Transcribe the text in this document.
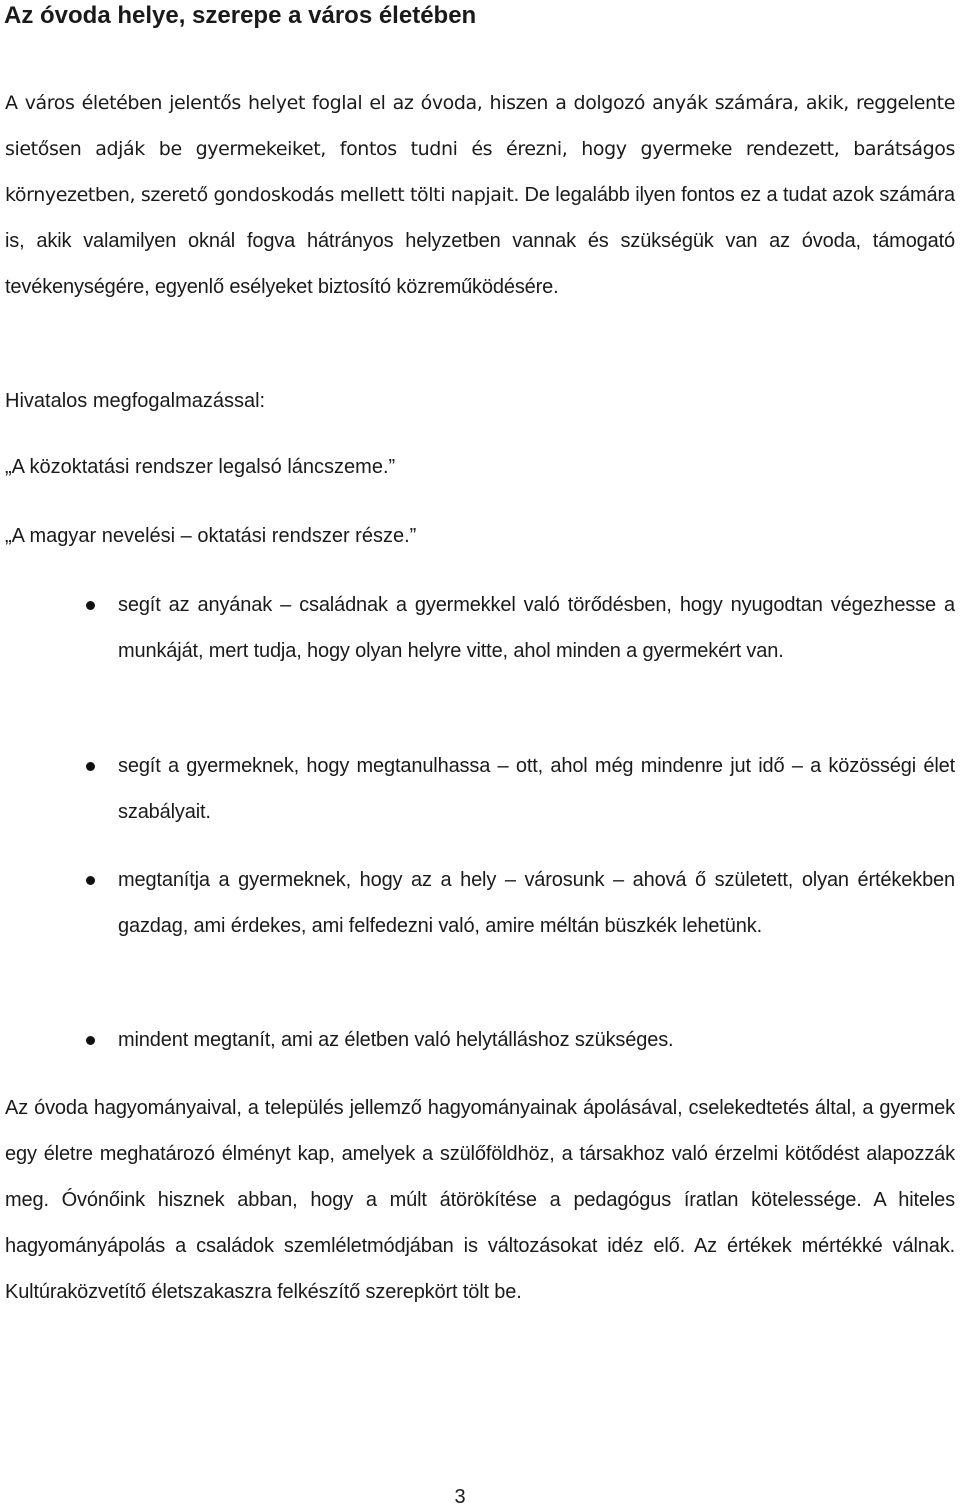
Az óvoda helye, szerepe a város életében

A város életében jelentős helyet foglal el az óvoda, hiszen a dolgozó anyák számára, akik, reggelente sietősen adják be gyermekeiket, fontos tudni és érezni, hogy gyermeke rendezett, barátságos környezetben, szerető gondoskodás mellett tölti napjait. De legalább ilyen fontos ez a tudat azok számára is, akik valamilyen oknál fogva hátrányos helyzetben vannak és szükségük van az óvoda, támogató tevékenységére, egyenlő esélyeket biztosító közreműködésére.

Hivatalos megfogalmazással:

„A közoktatási rendszer legalsó láncszeme.”

„A magyar nevelési – oktatási rendszer része.”

segít az anyának – családnak a gyermekkel való törődésben, hogy nyugodtan végezhesse a munkáját, mert tudja, hogy olyan helyre vitte, ahol minden a gyermekért van.

segít a gyermeknek, hogy megtanulhassa – ott, ahol még mindenre jut idő – a közösségi élet szabályait.

megtanítja a gyermeknek, hogy az a hely – városunk – ahová ő született, olyan értékekben gazdag, ami érdekes, ami felfedezni való, amire méltán büszkék lehetünk.

mindent megtanít, ami az életben való helytálláshoz szükséges.

Az óvoda hagyományaival, a település jellemző hagyományainak ápolásával, cselekedtetés által, a gyermek egy életre meghatározó élményt kap, amelyek a szülőföldhöz, a társakhoz való érzelmi kötődést alapozzák meg. Óvónőink hisznek abban, hogy a múlt átörökítése a pedagógus íratlan kötelessége. A hiteles hagyományápolás a családok szemléletmódjában is változásokat idéz elő. Az értékek mértékké válnak. Kultúraközvetítő életszakaszra felkészítő szerepkört tölt be.

3
